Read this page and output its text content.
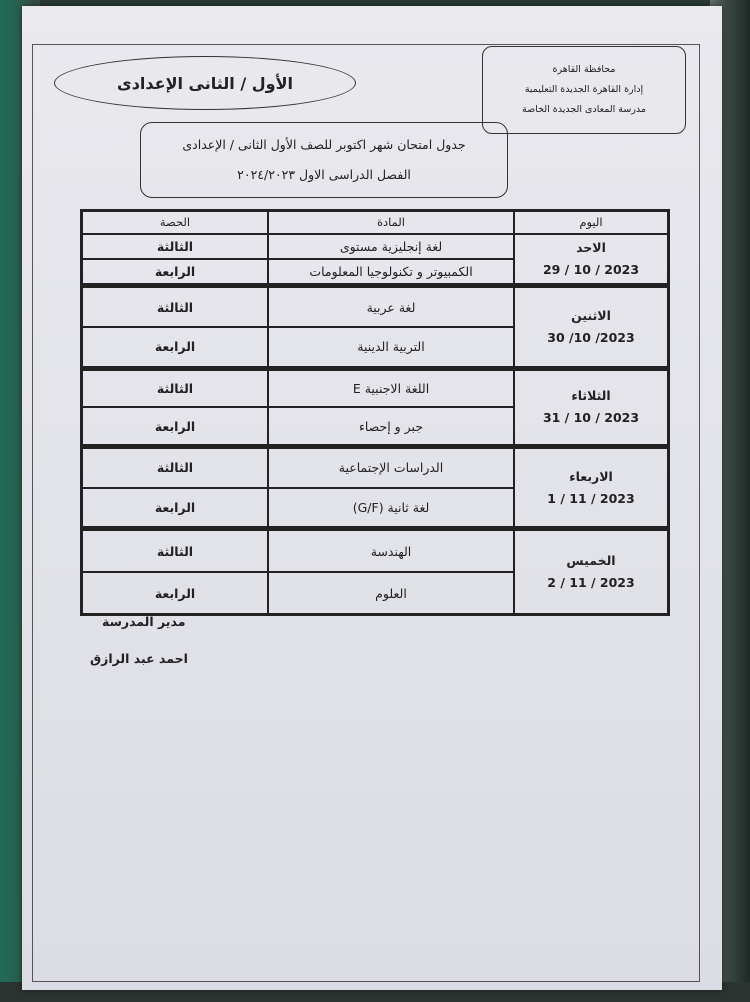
الأول / الثانى الإعدادى
محافظة القاهرة
إدارة القاهرة الجديدة التعليمية
مدرسة المعادى الجديدة الخاصة
جدول امتحان شهر اكتوبر للصف الأول الثانى / الإعدادى
الفصل الدراسى الاول ٢٠٢٤/٢٠٢٣
اليوم	المادة	الحصة

الاحد
29 / 10 / 2023	لغة إنجليزية مستوى	الثالثة
	الكمبيوتر و تكنولوجيا المعلومات	الرابعة

الاثنين
30 /10 /2023	لغة عربية	الثالثة
	التربية الدينية	الرابعة

الثلاثاء
31 / 10 / 2023	اللغة الاجنبية E	الثالثة
	جبر و إحصاء	الرابعة

الاربعاء
1 / 11 / 2023	الدراسات الإجتماعية	الثالثة
	لغة ثانية (G/F)	الرابعة

الخميس
2 / 11 / 2023	الهندسة	الثالثة
	العلوم	الرابعة
مدير المدرسة
احمد عبد الرازق
